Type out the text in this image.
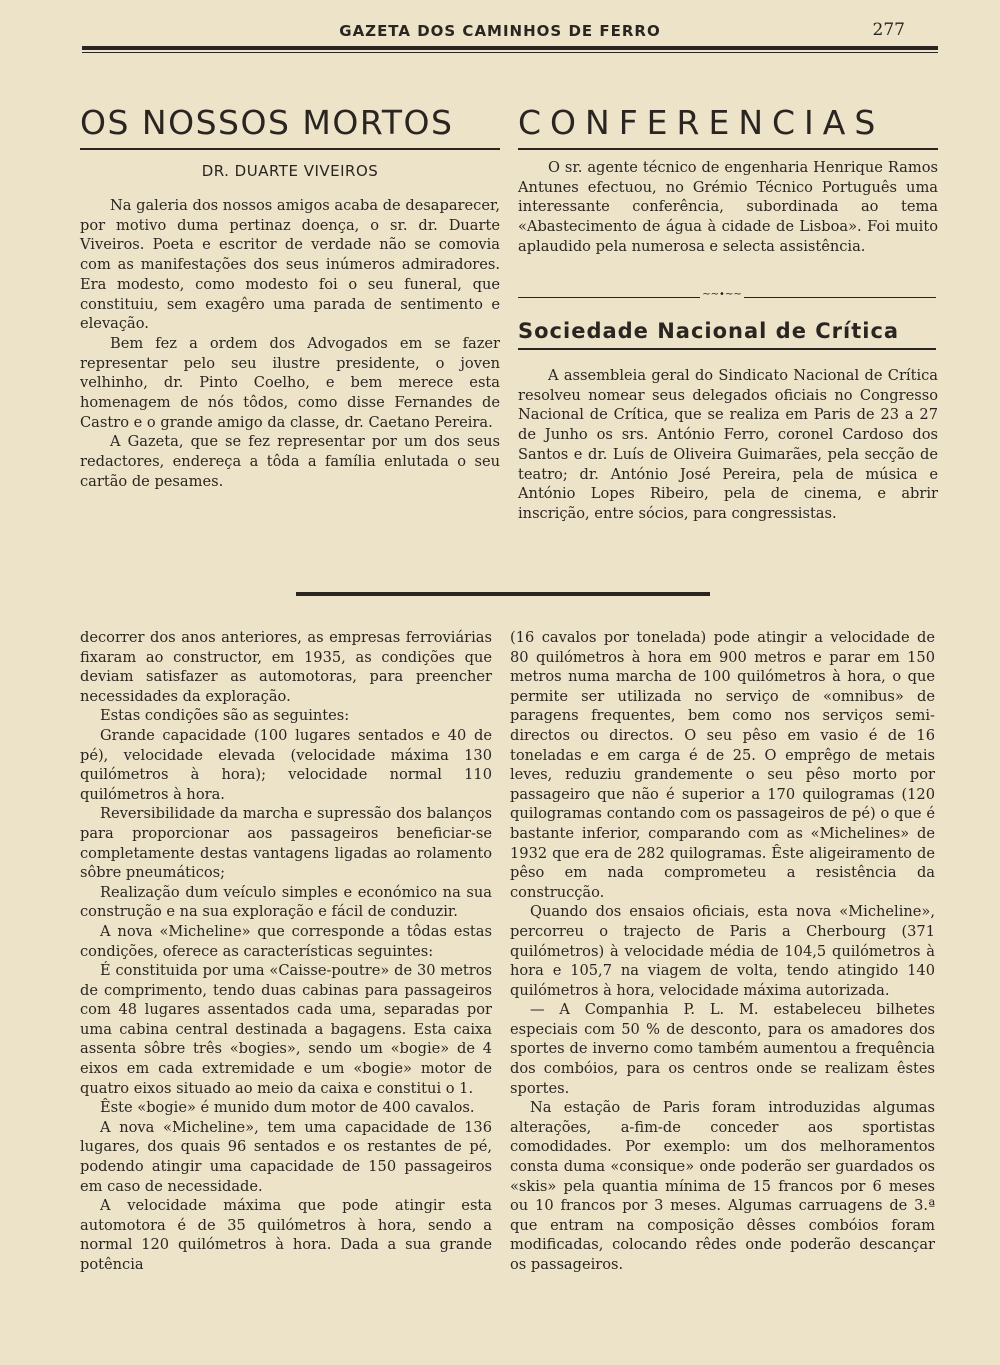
GAZETA DOS CAMINHOS DE FERRO	277
OS NOSSOS MORTOS	CONFERENCIAS
DR. DUARTE VIVEIROS

Na galeria dos nossos amigos acaba de desaparecer, por motivo duma pertinaz doença, o sr. dr. Duarte Viveiros. Poeta e escritor de verdade não se comovia com as manifestações dos seus inúmeros admiradores. Era modesto, como modesto foi o seu funeral, que constituiu, sem exagêro uma parada de sentimento e elevação.

Bem fez a ordem dos Advogados em se fazer representar pelo seu ilustre presidente, o joven velhinho, dr. Pinto Coelho, e bem merece esta homenagem de nós tôdos, como disse Fernandes de Castro e o grande amigo da classe, dr. Caetano Pereira.

A Gazeta, que se fez representar por um dos seus redactores, endereça a tôda a família enlutada o seu cartão de pesames.

O sr. agente técnico de engenharia Henrique Ramos Antunes efectuou, no Grémio Técnico Português uma interessante conferência, subordinada ao tema «Abastecimento de água à cidade de Lisboa». Foi muito aplaudido pela numerosa e selecta assistência.

~~•~~
Sociedade Nacional de Crítica

A assembleia geral do Sindicato Nacional de Crítica resolveu nomear seus delegados oficiais no Congresso Nacional de Crítica, que se realiza em Paris de 23 a 27 de Junho os srs. António Ferro, coronel Cardoso dos Santos e dr. Luís de Oliveira Guimarães, pela secção de teatro; dr. António José Pereira, pela de música e António Lopes Ribeiro, pela de cinema, e abrir inscrição, entre sócios, para congressistas.

decorrer dos anos anteriores, as empresas ferroviárias fixaram ao constructor, em 1935, as condições que deviam satisfazer as automotoras, para preencher necessidades da exploração.

Estas condições são as seguintes:

Grande capacidade (100 lugares sentados e 40 de pé), velocidade elevada (velocidade máxima 130 quilómetros à hora); velocidade normal 110 quilómetros à hora.

Reversibilidade da marcha e supressão dos balanços para proporcionar aos passageiros beneficiar-se completamente destas vantagens ligadas ao rolamento sôbre pneumáticos;

Realização dum veículo simples e económico na sua construção e na sua exploração e fácil de conduzir.

A nova «Micheline» que corresponde a tôdas estas condições, oferece as características seguintes:

É constituida por uma «Caisse-poutre» de 30 metros de comprimento, tendo duas cabinas para passageiros com 48 lugares assentados cada uma, separadas por uma cabina central destinada a bagagens. Esta caixa assenta sôbre três «bogies», sendo um «bogie» de 4 eixos em cada extremidade e um «bogie» motor de quatro eixos situado ao meio da caixa e constitui o 1.

Êste «bogie» é munido dum motor de 400 cavalos.

A nova «Micheline», tem uma capacidade de 136 lugares, dos quais 96 sentados e os restantes de pé, podendo atingir uma capacidade de 150 passageiros em caso de necessidade.

A velocidade máxima que pode atingir esta automotora é de 35 quilómetros à hora, sendo a normal 120 quilómetros à hora. Dada a sua grande potência

(16 cavalos por tonelada) pode atingir a velocidade de 80 quilómetros à hora em 900 metros e parar em 150 metros numa marcha de 100 quilómetros à hora, o que permite ser utilizada no serviço de «omnibus» de paragens frequentes, bem como nos serviços semi-directos ou directos. O seu pêso em vasio é de 16 toneladas e em carga é de 25. O emprêgo de metais leves, reduziu grandemente o seu pêso morto por passageiro que não é superior a 170 quilogramas (120 quilogramas contando com os passageiros de pé) o que é bastante inferior, comparando com as «Michelines» de 1932 que era de 282 quilogramas. Êste aligeiramento de pêso em nada comprometeu a resistência da construcção.

Quando dos ensaios oficiais, esta nova «Micheline», percorreu o trajecto de Paris a Cherbourg (371 quilómetros) à velocidade média de 104,5 quilómetros à hora e 105,7 na viagem de volta, tendo atingido 140 quilómetros à hora, velocidade máxima autorizada.

— A Companhia P. L. M. estabeleceu bilhetes especiais com 50 % de desconto, para os amadores dos sportes de inverno como também aumentou a frequência dos combóios, para os centros onde se realizam êstes sportes.

Na estação de Paris foram introduzidas algumas alterações, a-fim-de conceder aos sportistas comodidades. Por exemplo: um dos melhoramentos consta duma «consique» onde poderão ser guardados os «skis» pela quantia mínima de 15 francos por 6 meses ou 10 francos por 3 meses. Algumas carruagens de 3.ª que entram na composição dêsses combóios foram modificadas, colocando rêdes onde poderão descançar os passageiros.
